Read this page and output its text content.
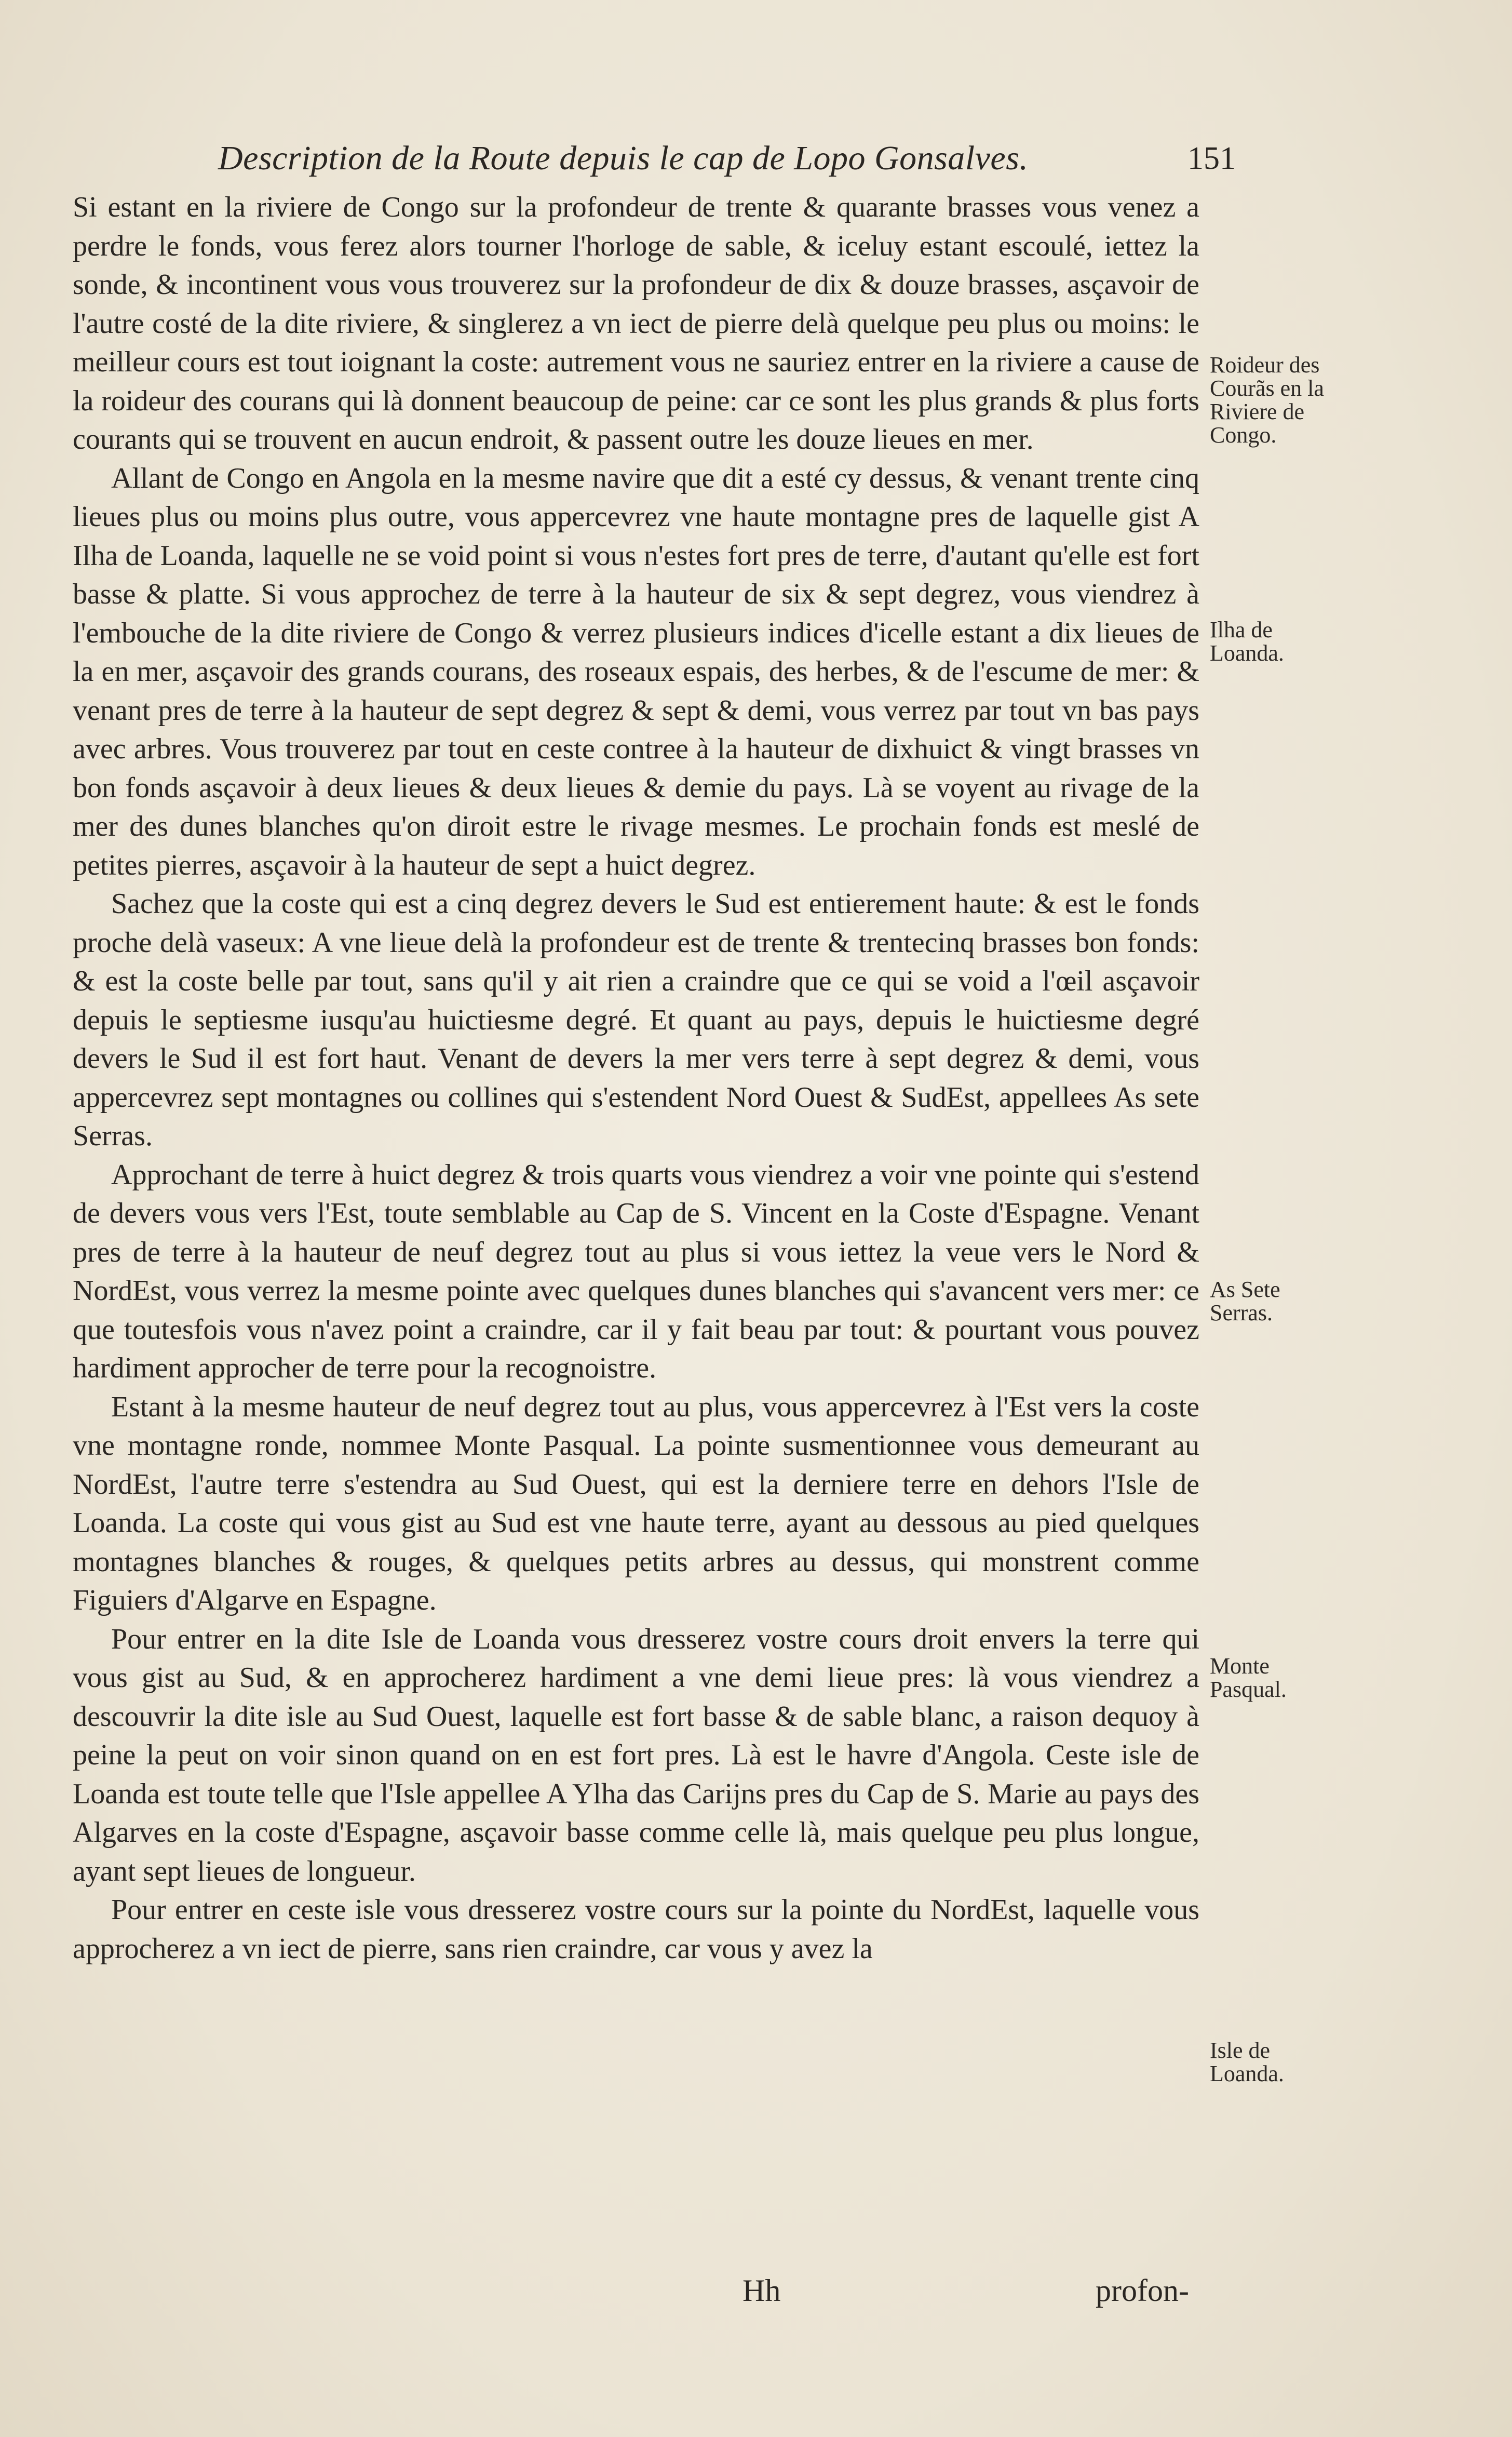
Description de la Route depuis le cap de Lopo Gonsalves.	151

Si estant en la riviere de Congo sur la profondeur de trente & quarante brasses vous venez a perdre le fonds, vous ferez alors tourner l'horloge de sable, & iceluy estant escoulé, iettez la sonde, & incontinent vous vous trouverez sur la profondeur de dix & douze brasses, asçavoir de l'autre costé de la dite riviere, & singlerez a vn iect de pierre delà quelque peu plus ou moins: le meilleur cours est tout ioignant la coste: autrement vous ne sauriez entrer en la riviere a cause de la roideur des courans qui là donnent beaucoup de peine: car ce sont les plus grands & plus forts courants qui se trouvent en aucun endroit, & passent outre les douze lieues en mer.

Allant de Congo en Angola en la mesme navire que dit a esté cy dessus, & venant trente cinq lieues plus ou moins plus outre, vous appercevrez vne haute montagne pres de laquelle gist A Ilha de Loanda, laquelle ne se void point si vous n'estes fort pres de terre, d'autant qu'elle est fort basse & platte. Si vous approchez de terre à la hauteur de six & sept degrez, vous viendrez à l'embouche de la dite riviere de Congo & verrez plusieurs indices d'icelle estant a dix lieues de la en mer, asçavoir des grands courans, des roseaux espais, des herbes, & de l'escume de mer: & venant pres de terre à la hauteur de sept degrez & sept & demi, vous verrez par tout vn bas pays avec arbres. Vous trouverez par tout en ceste contree à la hauteur de dixhuict & vingt brasses vn bon fonds asçavoir à deux lieues & deux lieues & demie du pays. Là se voyent au rivage de la mer des dunes blanches qu'on diroit estre le rivage mesmes. Le prochain fonds est meslé de petites pierres, asçavoir à la hauteur de sept a huict degrez.

Sachez que la coste qui est a cinq degrez devers le Sud est entierement haute: & est le fonds proche delà vaseux: A vne lieue delà la profondeur est de trente & trentecinq brasses bon fonds: & est la coste belle par tout, sans qu'il y ait rien a craindre que ce qui se void a l'œil asçavoir depuis le septiesme iusqu'au huictiesme degré. Et quant au pays, depuis le huictiesme degré devers le Sud il est fort haut. Venant de devers la mer vers terre à sept degrez & demi, vous appercevrez sept montagnes ou collines qui s'estendent Nord Ouest & SudEst, appellees As sete Serras.

Approchant de terre à huict degrez & trois quarts vous viendrez a voir vne pointe qui s'estend de devers vous vers l'Est, toute semblable au Cap de S. Vincent en la Coste d'Espagne. Venant pres de terre à la hauteur de neuf degrez tout au plus si vous iettez la veue vers le Nord & NordEst, vous verrez la mesme pointe avec quelques dunes blanches qui s'avancent vers mer: ce que toutesfois vous n'avez point a craindre, car il y fait beau par tout: & pourtant vous pouvez hardiment approcher de terre pour la recognoistre.

Estant à la mesme hauteur de neuf degrez tout au plus, vous appercevrez à l'Est vers la coste vne montagne ronde, nommee Monte Pasqual. La pointe susmentionnee vous demeurant au NordEst, l'autre terre s'estendra au Sud Ouest, qui est la derniere terre en dehors l'Isle de Loanda. La coste qui vous gist au Sud est vne haute terre, ayant au dessous au pied quelques montagnes blanches & rouges, & quelques petits arbres au dessus, qui monstrent comme Figuiers d'Algarve en Espagne.

Pour entrer en la dite Isle de Loanda vous dresserez vostre cours droit envers la terre qui vous gist au Sud, & en approcherez hardiment a vne demi lieue pres: là vous viendrez a descouvrir la dite isle au Sud Ouest, laquelle est fort basse & de sable blanc, a raison dequoy à peine la peut on voir sinon quand on en est fort pres. Là est le havre d'Angola. Ceste isle de Loanda est toute telle que l'Isle appellee A Ylha das Carijns pres du Cap de S. Marie au pays des Algarves en la coste d'Espagne, asçavoir basse comme celle là, mais quelque peu plus longue, ayant sept lieues de longueur.

Pour entrer en ceste isle vous dresserez vostre cours sur la pointe du NordEst, laquelle vous approcherez a vn iect de pierre, sans rien craindre, car vous y avez la

Roideur des Courãs en la Riviere de Congo.
Ilha de Loanda.
As Sete Serras.
Monte Pasqual.
Isle de Loanda.
Hh	profon-
